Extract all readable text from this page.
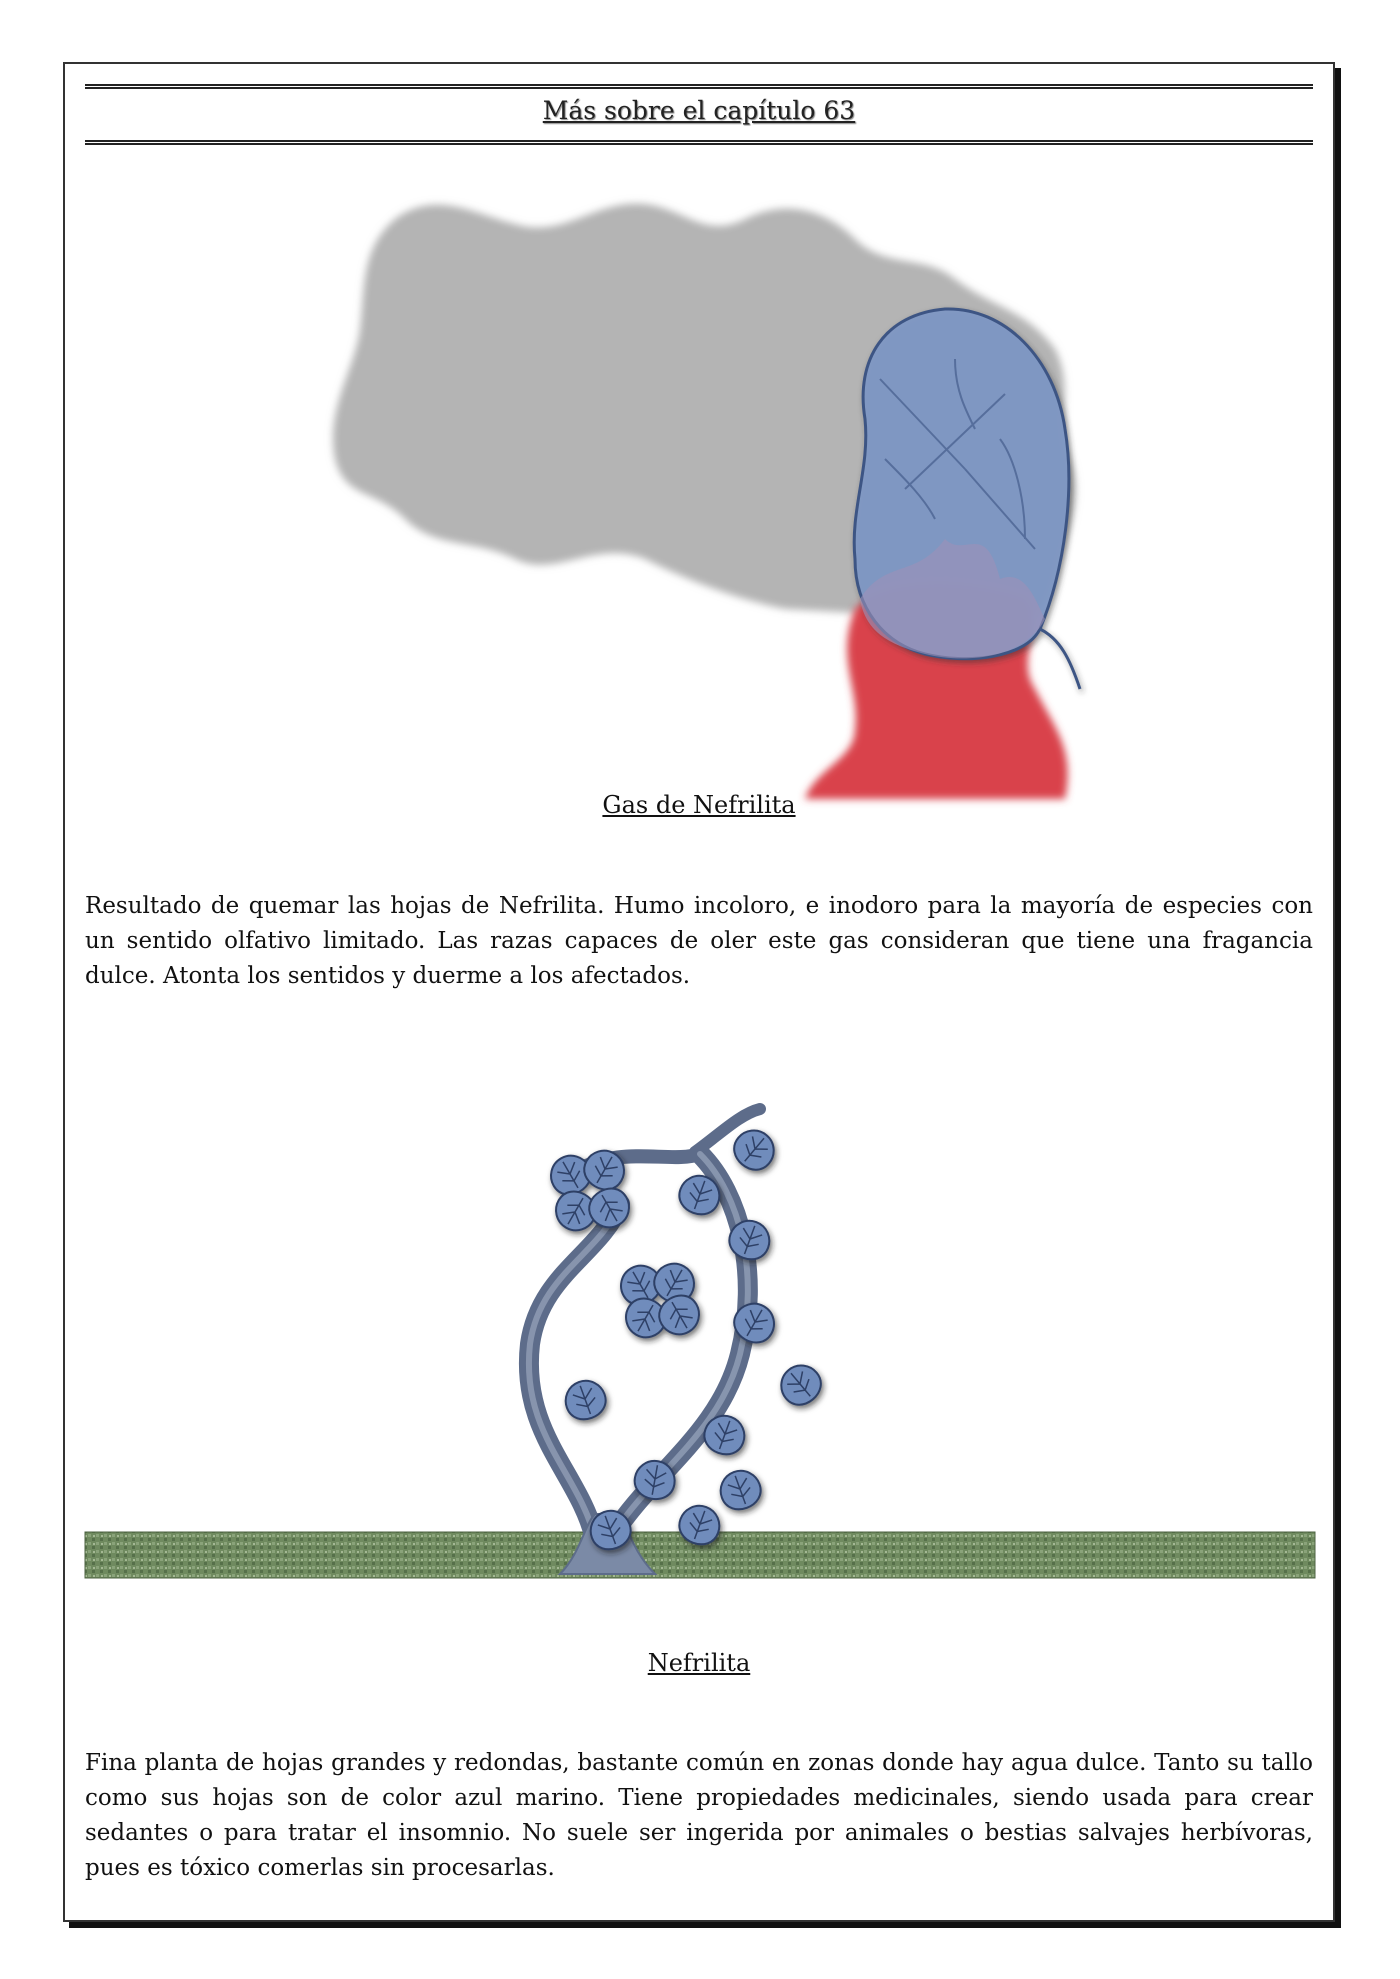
Más sobre el capítulo 63
Gas de Nefrilita
Resultado de quemar las hojas de Nefrilita. Humo incoloro, e inodoro para la mayoría de especies con un sentido olfativo limitado. Las razas capaces de oler este gas consideran que tiene una fragancia dulce. Atonta los sentidos y duerme a los afectados.
Nefrilita
Fina planta de hojas grandes y redondas, bastante común en zonas donde hay agua dulce. Tanto su tallo como sus hojas son de color azul marino. Tiene propiedades medicinales, siendo usada para crear sedantes o para tratar el insomnio. No suele ser ingerida por animales o bestias salvajes herbívoras, pues es tóxico comerlas sin procesarlas.
